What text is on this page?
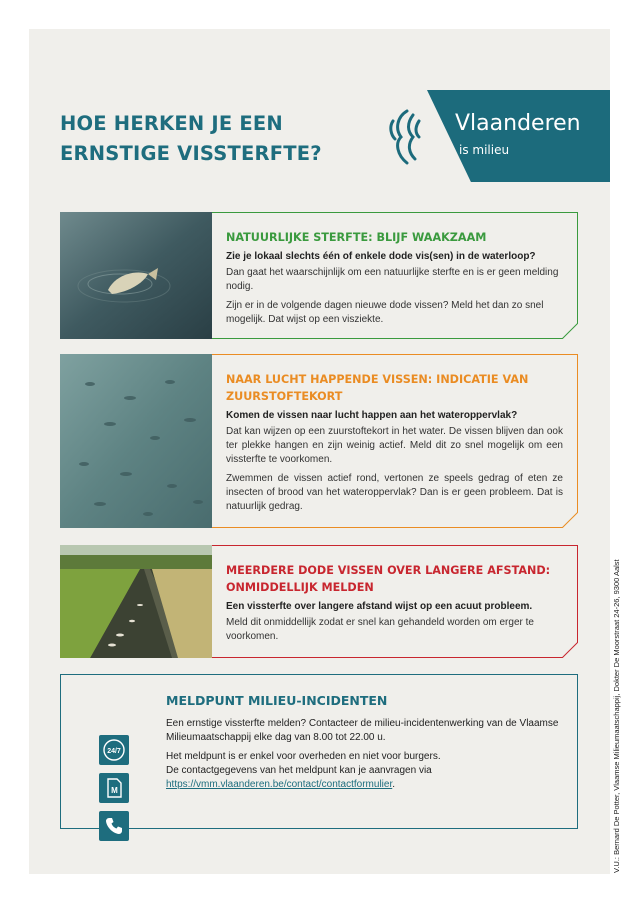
HOE HERKEN JE EEN
ERNSTIGE VISSTERFTE?
Vlaanderen
is milieu
NATUURLIJKE STERFTE: BLIJF WAAKZAAM
Zie je lokaal slechts één of enkele dode vis(sen) in de waterloop?
Dan gaat het waarschijnlijk om een natuurlijke sterfte en is er geen melding nodig.
Zijn er in de volgende dagen nieuwe dode vissen? Meld het dan zo snel mogelijk. Dat wijst op een visziekte.
NAAR LUCHT HAPPENDE VISSEN: INDICATIE VAN ZUURSTOFTEKORT
Komen de vissen naar lucht happen aan het wateroppervlak?
Dat kan wijzen op een zuurstoftekort in het water. De vissen blijven dan ook ter plekke hangen en zijn weinig actief. Meld dit zo snel mogelijk om een vissterfte te voorkomen.
Zwemmen de vissen actief rond, vertonen ze speels gedrag of eten ze insecten of brood van het wateroppervlak? Dan is er geen probleem. Dat is natuurlijk gedrag.
MEERDERE DODE VISSEN OVER LANGERE AFSTAND: ONMIDDELLIJK MELDEN
Een vissterfte over langere afstand wijst op een acuut probleem.
Meld dit onmiddellijk zodat er snel kan gehandeld worden om erger te voorkomen.
24/7
M
MELDPUNT MILIEU-INCIDENTEN

Een ernstige vissterfte melden? Contacteer de milieu-incidentenwerking van de Vlaamse Milieumaatschappij elke dag van 8.00 tot 22.00 u.

Het meldpunt is er enkel voor overheden en niet voor burgers.
De contactgegevens van het meldpunt kan je aanvragen via
https://vmm.vlaanderen.be/contact/contactformulier.	V.U.: Bernard De Potter, Vlaamse Milieumaatschappij, Dokter De Moorstraat 24-26, 9300 Aalst
